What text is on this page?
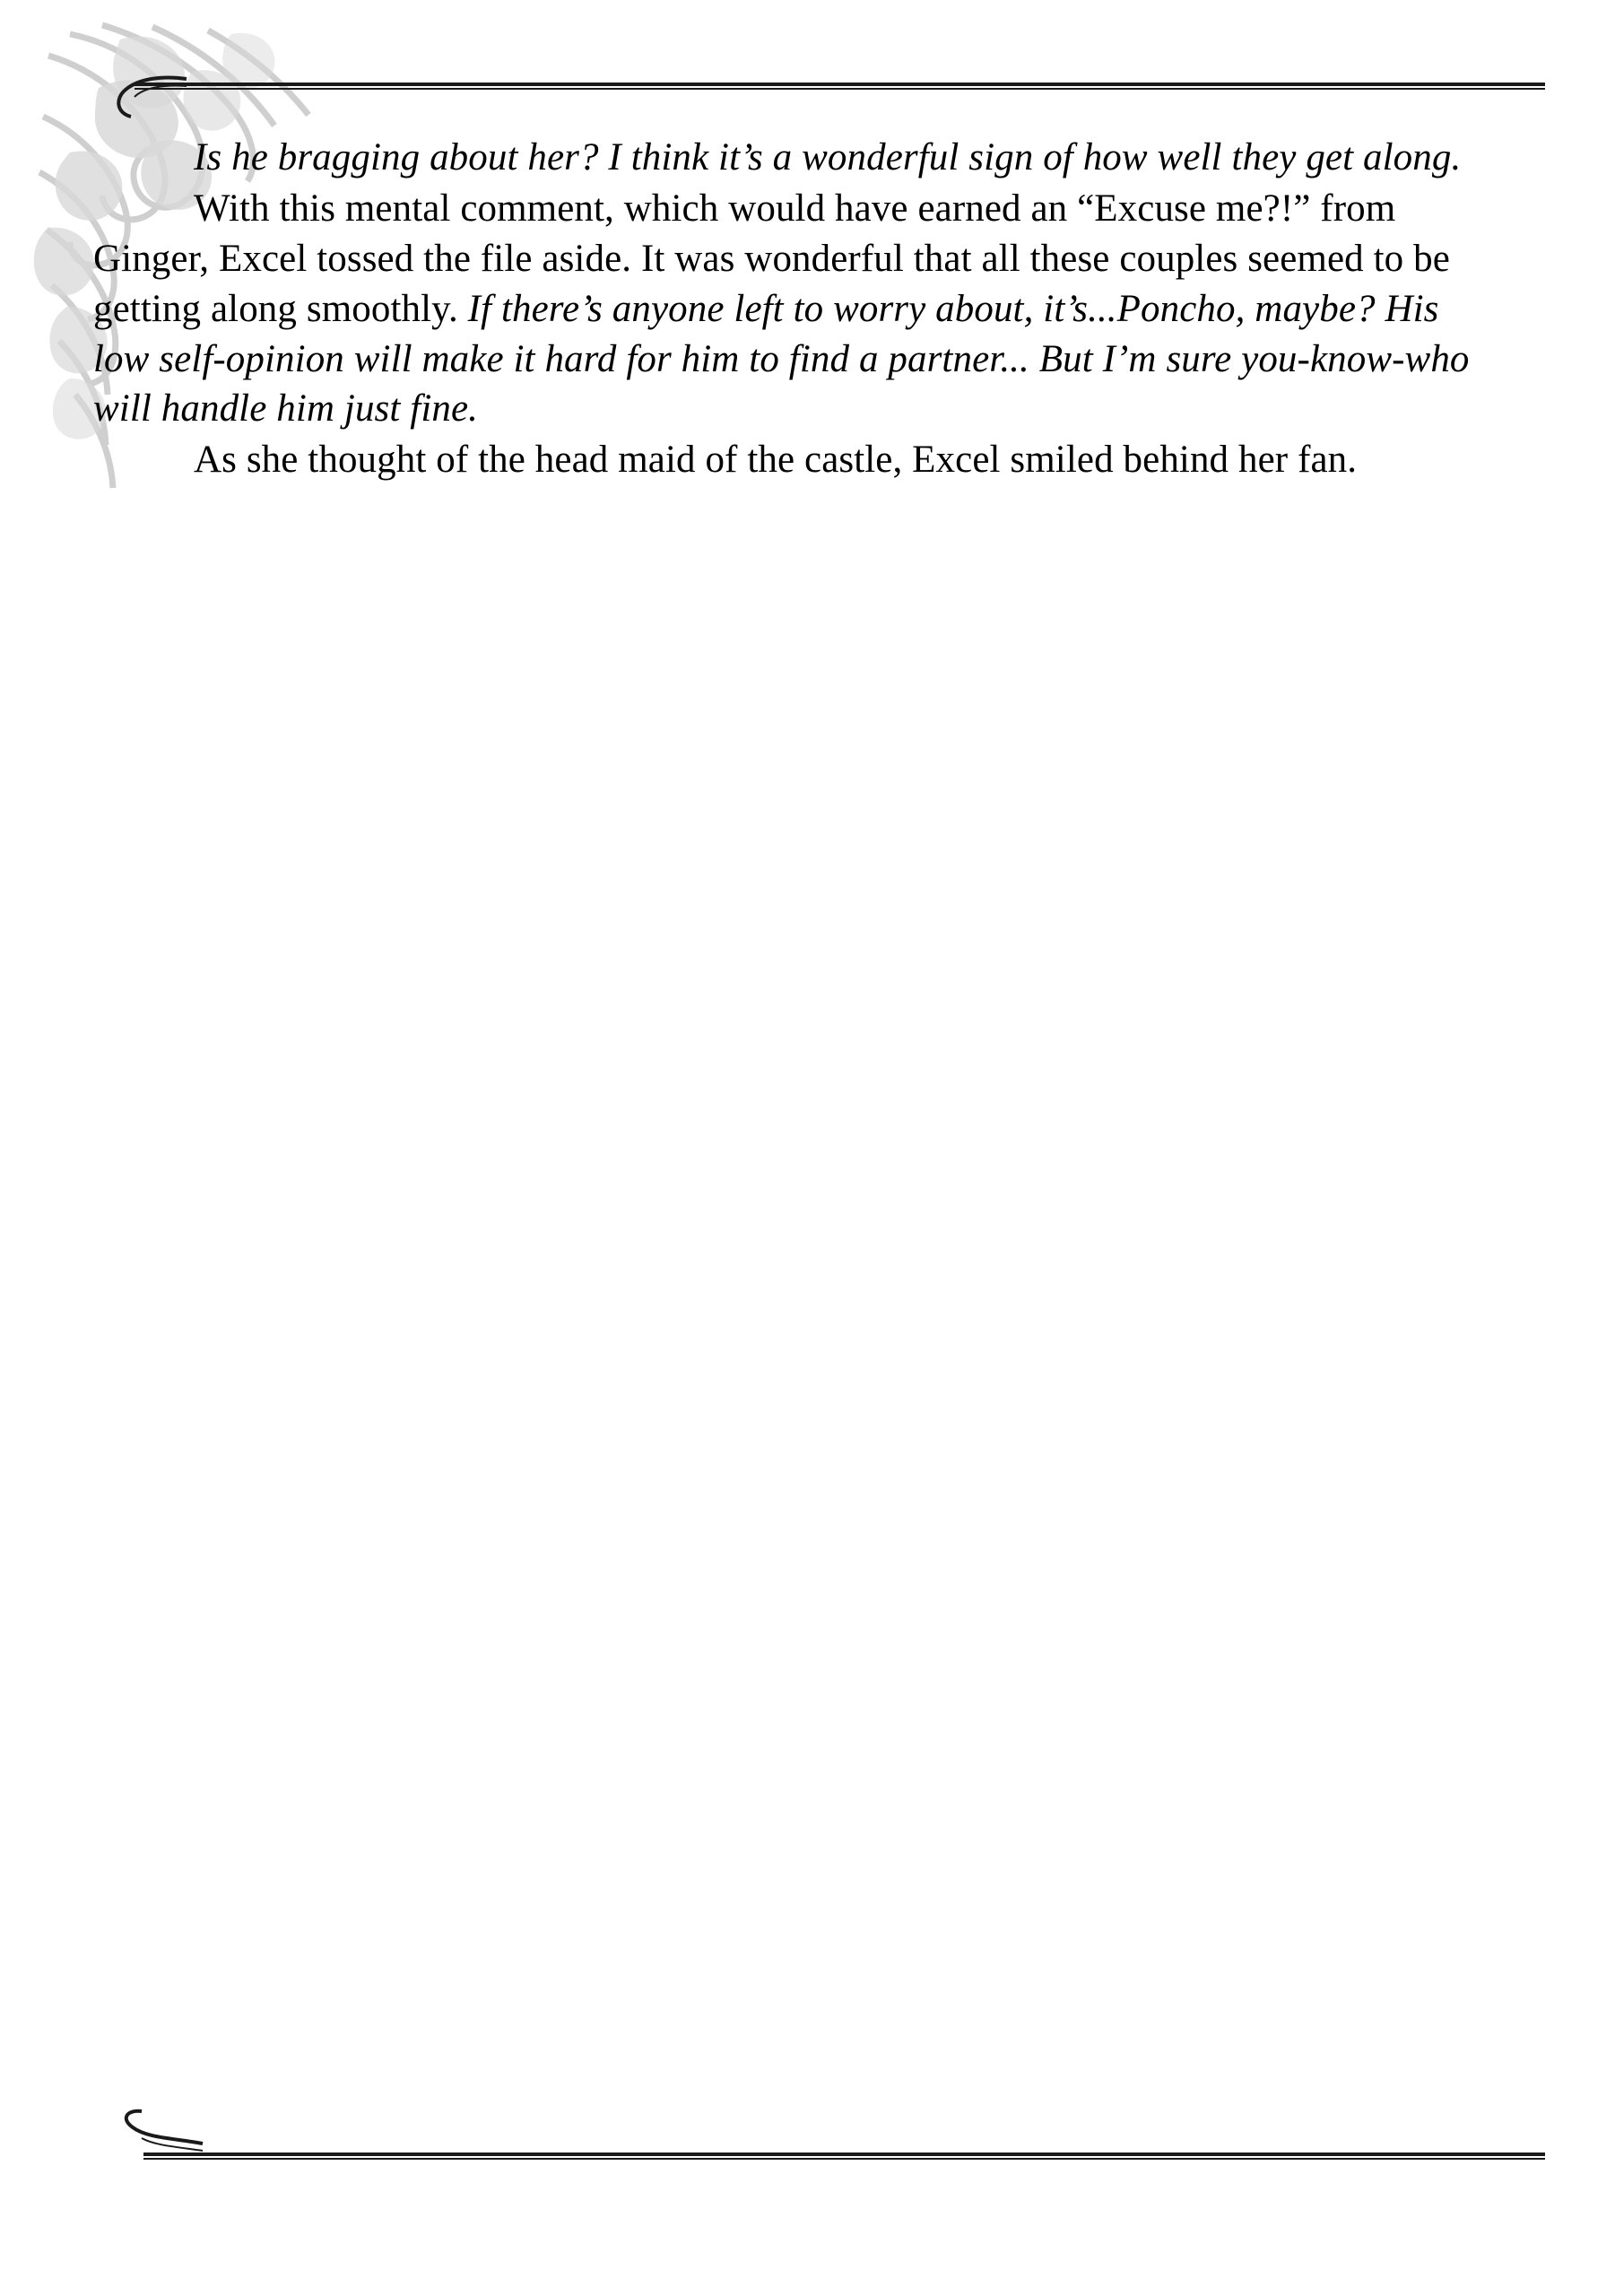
Is he bragging about her? I think it’s a wonderful sign of how well they get along.

With this mental comment, which would have earned an “Excuse me?!” from Ginger, Excel tossed the file aside. It was wonderful that all these couples seemed to be getting along smoothly. If there’s anyone left to worry about, it’s...Poncho, maybe? His low self-opinion will make it hard for him to find a partner... But I’m sure you-know-who will handle him just fine.

As she thought of the head maid of the castle, Excel smiled behind her fan.
